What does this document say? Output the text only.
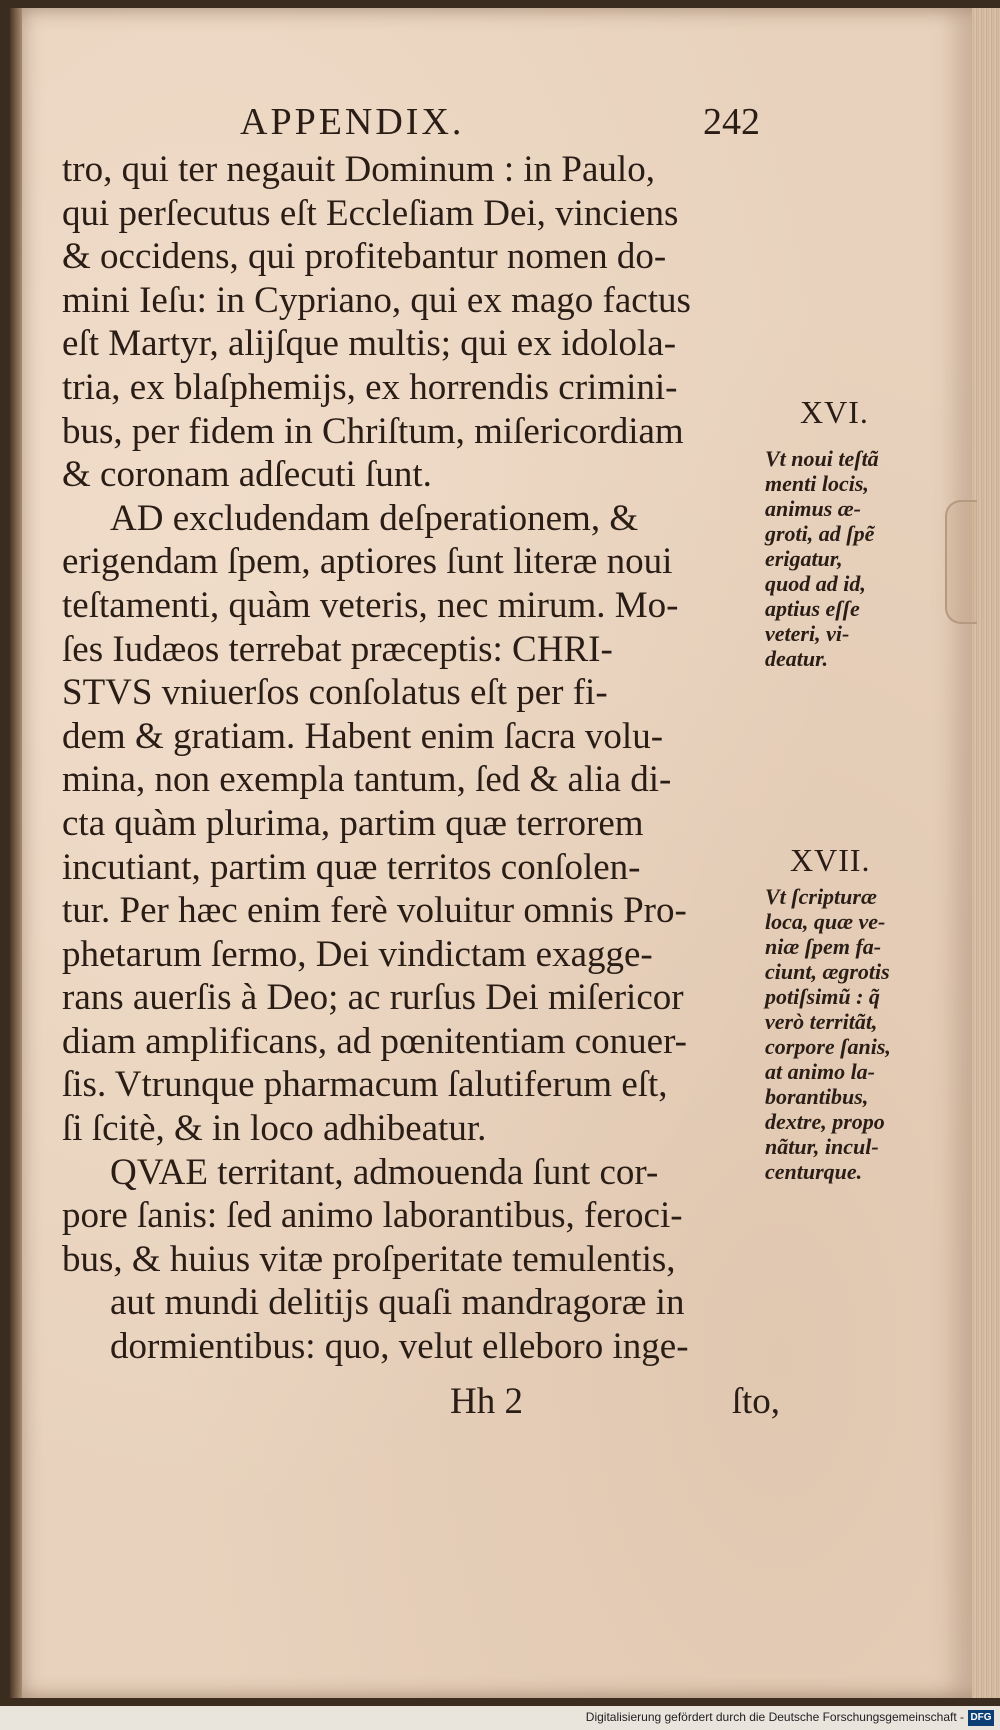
APPENDIX.	242
tro, qui ter negauit Dominum : in Paulo,
qui perſecutus eſt Eccleſiam Dei, vinciens
& occidens, qui profitebantur nomen do-
mini Ieſu: in Cypriano, qui ex mago factus
eſt Martyr, alijſque multis; qui ex idolola-
tria, ex blaſphemijs, ex horrendis crimini-
bus, per fidem in Chriſtum, miſericordiam
& coronam adſecuti ſunt.
AD excludendam deſperationem, &
erigendam ſpem, aptiores ſunt literæ noui
teſtamenti, quàm veteris, nec mirum. Mo-
ſes Iudæos terrebat præceptis: CHRI-
STVS vniuerſos conſolatus eſt per fi-
dem & gratiam. Habent enim ſacra volu-
mina, non exempla tantum, ſed & alia di-
cta quàm plurima, partim quæ terrorem
incutiant, partim quæ territos conſolen-
tur. Per hæc enim ferè voluitur omnis Pro-
phetarum ſermo, Dei vindictam exagge-
rans auerſis à Deo; ac rurſus Dei miſericor
diam amplificans, ad pœnitentiam conuer-
ſis. Vtrunque pharmacum ſalutiferum eſt,
ſi ſcitè, & in loco adhibeatur.
QVAE territant, admouenda ſunt cor-
pore ſanis: ſed animo laborantibus, feroci-
bus, & huius vitæ proſperitate temulentis,
aut mundi delitijs quaſi mandragoræ in
dormientibus: quo, velut elleboro inge-
XVI.
Vt noui teſtã
menti locis,
animus æ-
groti, ad ſpẽ
erigatur,
quod ad id,
aptius eſſe
veteri, vi-
deatur.
XVII.
Vt ſcripturæ
loca, quæ ve-
niæ ſpem fa-
ciunt, ægrotis
potiſsimũ : q̃
verò territãt,
corpore ſanis,
at animo la-
borantibus,
dextre, propo
nãtur, incul-
centurque.
Hh 2	ſto,
Digitalisierung gefördert durch die Deutsche Forschungsgemeinschaft - DFG
